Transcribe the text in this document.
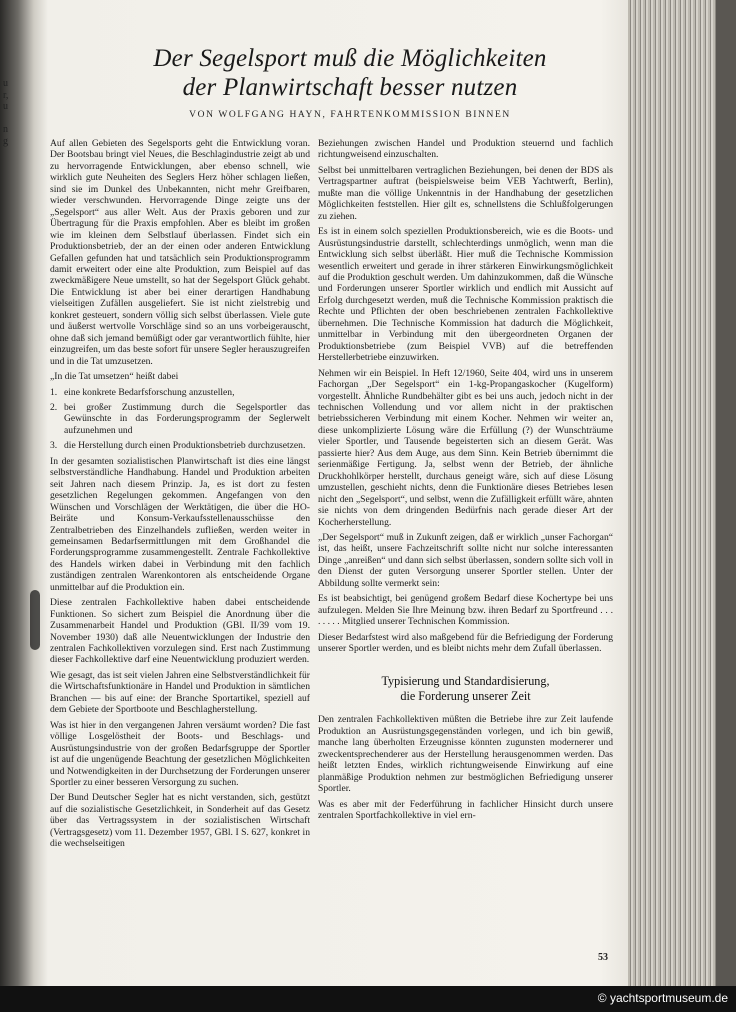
u
r,
u

n
g
Der Segelsport muß die Möglichkeiten
der Planwirtschaft besser nutzen
VON WOLFGANG HAYN, FAHRTENKOMMISSION BINNEN

Auf allen Gebieten des Segelsports geht die Entwicklung voran. Der Bootsbau bringt viel Neues, die Beschlagindustrie zeigt ab und zu hervorragende Entwicklungen, aber ebenso schnell, wie wirklich gute Neuheiten des Seglers Herz höher schlagen ließen, sind sie im Dunkel des Unbekannten, nicht mehr Greifbaren, wieder verschwunden. Hervorragende Dinge zeigte uns der „Segelsport“ aus aller Welt. Aus der Praxis geboren und zur Übertragung für die Praxis empfohlen. Aber es bleibt im großen wie im kleinen dem Selbstlauf überlassen. Findet sich ein Produktionsbetrieb, der an der einen oder anderen Entwicklung Gefallen gefunden hat und tatsächlich sein Produktionsprogramm damit erweitert oder eine alte Produktion, zum Beispiel auf das zweckmäßigere Neue umstellt, so hat der Segelsport Glück gehabt. Die Entwicklung ist aber bei einer derartigen Handhabung vielseitigen Zufällen ausgeliefert. Sie ist nicht zielstrebig und konkret gesteuert, sondern völlig sich selbst überlassen. Viele gute und äußerst wertvolle Vorschläge sind so an uns vorbeigerauscht, ohne daß sich jemand bemüßigt oder gar verantwortlich fühlte, hier einzugreifen, um das beste sofort für unsere Segler herauszugreifen und in die Tat umzusetzen.

„In die Tat umsetzen“ heißt dabei

1. eine konkrete Bedarfsforschung anzustellen,
2. bei großer Zustimmung durch die Segelsportler das Gewünschte in das Forderungsprogramm der Seglerwelt aufzunehmen und
3. die Herstellung durch einen Produktionsbetrieb durchzusetzen.

In der gesamten sozialistischen Planwirtschaft ist dies eine längst selbstverständliche Handhabung. Handel und Produktion arbeiten seit Jahren nach diesem Prinzip. Ja, es ist dort zu festen gesetzlichen Regelungen gekommen. Angefangen von den Wünschen und Vorschlägen der Werktätigen, die über die HO-Beiräte und Konsum-Verkaufsstellenausschüsse den Zentralbetrieben des Einzelhandels zufließen, werden weiter in gemeinsamen Bedarfsermittlungen mit dem Großhandel die Forderungsprogramme zusammengestellt. Zentrale Fachkollektive des Handels wirken dabei in Verbindung mit den fachlich zuständigen zentralen Warenkontoren als entscheidende Organe unmittelbar auf die Produktion ein.

Diese zentralen Fachkollektive haben dabei entscheidende Funktionen. So sichert zum Beispiel die Anordnung über die Zusammenarbeit Handel und Produktion (GBl. II/39 vom 19. November 1930) daß alle Neuentwicklungen der Industrie den zentralen Fachkollektiven vorzulegen sind. Erst nach Zustimmung dieser Fachkollektive darf eine Neuentwicklung produziert werden.

Wie gesagt, das ist seit vielen Jahren eine Selbstverständlichkeit für die Wirtschaftsfunktionäre in Handel und Produktion in sämtlichen Branchen — bis auf eine: der Branche Sportartikel, speziell auf dem Gebiete der Sportboote und Beschlagherstellung.

Was ist hier in den vergangenen Jahren versäumt worden? Die fast völlige Losgelöstheit der Boots- und Beschlags- und Ausrüstungsindustrie von der großen Bedarfsgruppe der Sportler ist auf die ungenügende Beachtung der gesetzlichen Möglichkeiten und Notwendigkeiten in der Durchsetzung der Forderungen unserer Sportler zu einer besseren Versorgung zu suchen.

Der Bund Deutscher Segler hat es nicht verstanden, sich, gestützt auf die sozialistische Gesetzlichkeit, in Sonderheit auf das Gesetz über das Vertragssystem in der sozialistischen Wirtschaft (Vertragsgesetz) vom 11. Dezember 1957, GBl. I S. 627, konkret in die wechselseitigen

Beziehungen zwischen Handel und Produktion steuernd und fachlich richtungweisend einzuschalten.

Selbst bei unmittelbaren vertraglichen Beziehungen, bei denen der BDS als Vertragspartner auftrat (beispielsweise beim VEB Yachtwerft, Berlin), mußte man die völlige Unkenntnis in der Handhabung der gesetzlichen Möglichkeiten feststellen. Hier gilt es, schnellstens die Schlußfolgerungen zu ziehen.

Es ist in einem solch speziellen Produktionsbereich, wie es die Boots- und Ausrüstungsindustrie darstellt, schlechterdings unmöglich, wenn man die Entwicklung sich selbst überläßt. Hier muß die Technische Kommission wesentlich erweitert und gerade in ihrer stärkeren Einwirkungsmöglichkeit auf die Produktion geschult werden. Um dahinzukommen, daß die Wünsche und Forderungen unserer Sportler wirklich und endlich mit Aussicht auf Erfolg durchgesetzt werden, muß die Technische Kommission praktisch die Rechte und Pflichten der oben beschriebenen zentralen Fachkollektive übernehmen. Die Technische Kommission hat dadurch die Möglichkeit, unmittelbar in Verbindung mit den übergeordneten Organen der Produktionsbetriebe (zum Beispiel VVB) auf die betreffenden Herstellerbetriebe einzuwirken.

Nehmen wir ein Beispiel. In Heft 12/1960, Seite 404, wird uns in unserem Fachorgan „Der Segelsport“ ein 1-kg-Propangaskocher (Kugelform) vorgestellt. Ähnliche Rundbehälter gibt es bei uns auch, jedoch nicht in der technischen Vollendung und vor allem nicht in der praktischen betriebssicheren Verbindung mit einem Kocher. Nehmen wir weiter an, diese unkomplizierte Lösung wäre die Erfüllung (?) der Wunschträume vieler Sportler, und Tausende begeisterten sich an diesem Gerät. Was passierte hier? Aus dem Auge, aus dem Sinn. Kein Betrieb übernimmt die serienmäßige Fertigung. Ja, selbst wenn der Betrieb, der ähnliche Druckhohlkörper herstellt, durchaus geneigt wäre, sich auf diese Lösung umzustellen, geschieht nichts, denn die Funktionäre dieses Betriebes lesen nicht den „Segelsport“, und selbst, wenn die Zufälligkeit erfüllt wäre, ahnten sie nichts von dem dringenden Bedürfnis nach gerade dieser Art der Kocherherstellung.

„Der Segelsport“ muß in Zukunft zeigen, daß er wirklich „unser Fachorgan“ ist, das heißt, unsere Fachzeitschrift sollte nicht nur solche interessanten Dinge „anreißen“ und dann sich selbst überlassen, sondern sollte sich voll in den Dienst der guten Versorgung unserer Sportler stellen. Unter der Abbildung sollte vermerkt sein:

Es ist beabsichtigt, bei genügend großem Bedarf diese Kochertype bei uns aufzulegen. Melden Sie Ihre Meinung bzw. ihren Bedarf zu Sportfreund . . . . . . . . Mitglied unserer Technischen Kommission.

Dieser Bedarfstest wird also maßgebend für die Befriedigung der Forderung unserer Sportler werden, und es bleibt nichts mehr dem Zufall überlassen.

Typisierung und Standardisierung,
die Forderung unserer Zeit

Den zentralen Fachkollektiven müßten die Betriebe ihre zur Zeit laufende Produktion an Ausrüstungsgegenständen vorlegen, und ich bin gewiß, manche lang überholten Erzeugnisse könnten zugunsten modernerer und zweckentsprechenderer aus der Herstellung herausgenommen werden. Das heißt letzten Endes, wirklich richtungweisende Einwirkung auf eine planmäßige Produktion nehmen zur bestmöglichen Befriedigung unserer Sportler.

Was es aber mit der Federführung in fachlicher Hinsicht durch unsere zentralen Sportfachkollektive in viel ern-

53
© yachtsportmuseum.de
